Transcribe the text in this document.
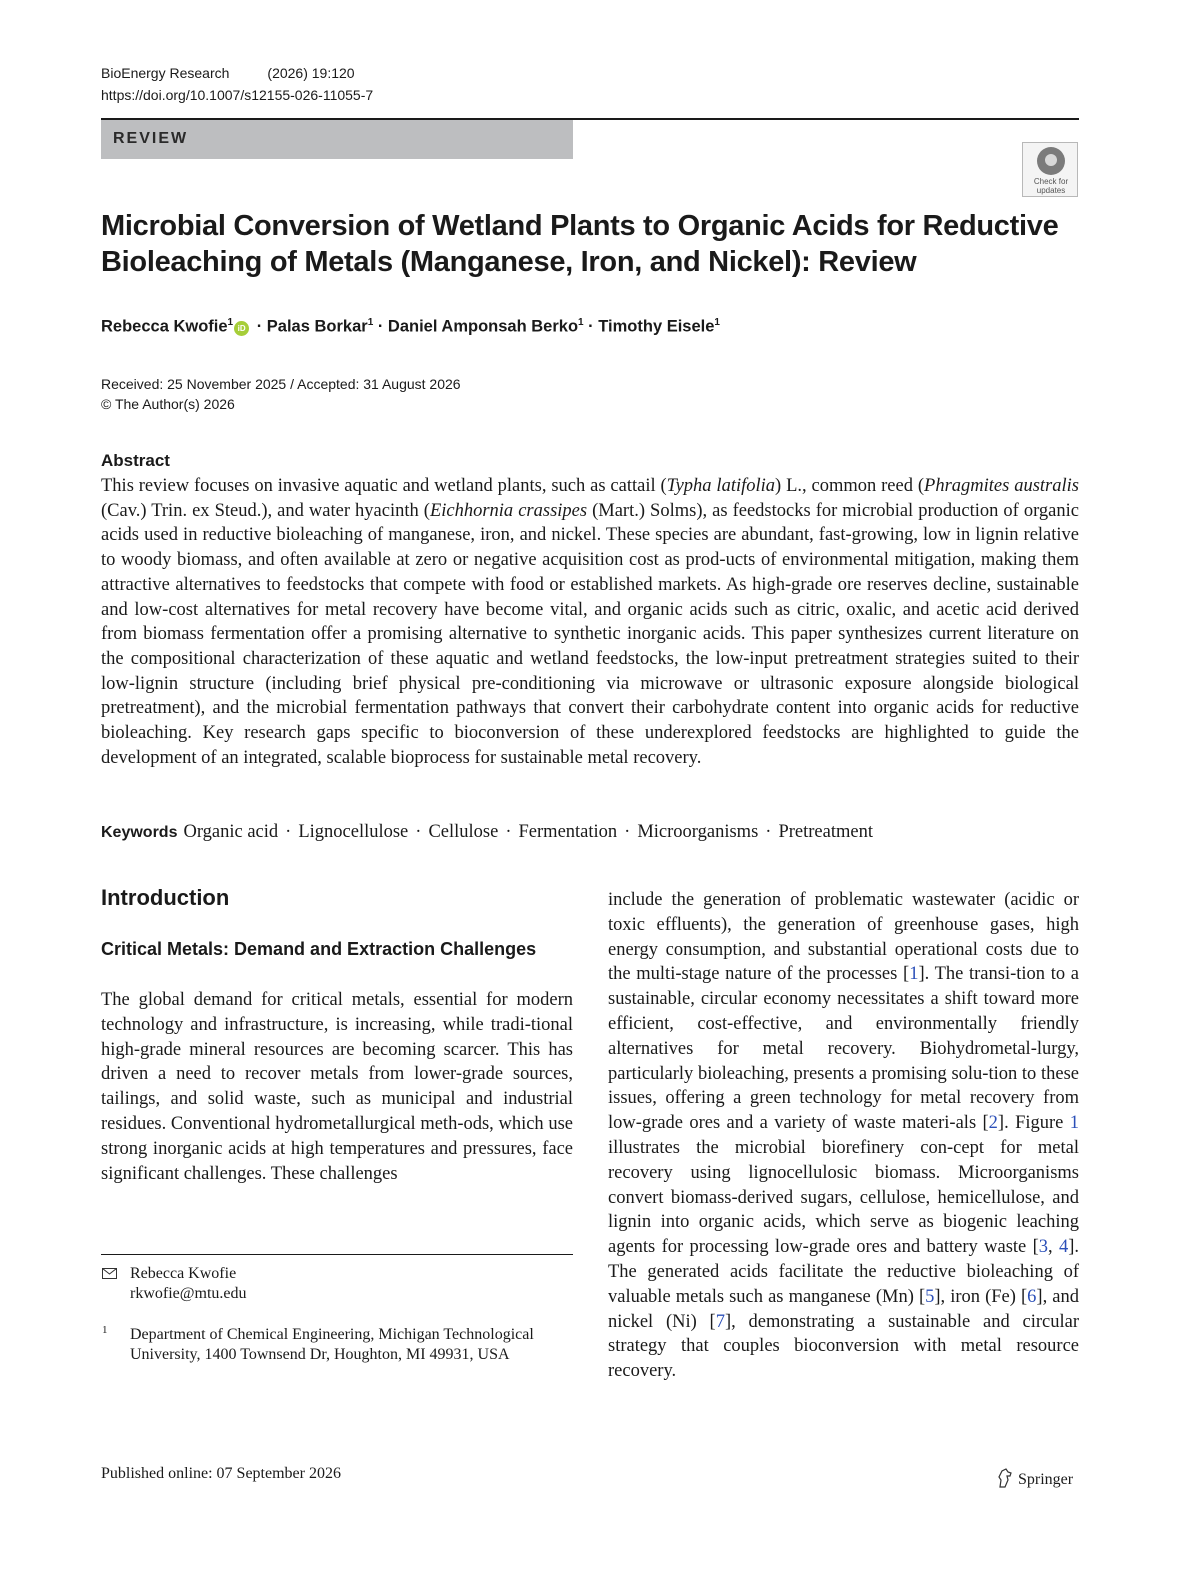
BioEnergy Research	(2026) 19:120
https://doi.org/10.1007/s12155-026-11055-7
REVIEW
Check for updates
Microbial Conversion of Wetland Plants to Organic Acids for Reductive
Bioleaching of Metals (Manganese, Iron, and Nickel): Review
Rebecca Kwofie$^1$ iD · Palas Borkar$^1$ · Daniel Amponsah Berko$^1$ · Timothy Eisele$^1$
Received: 25 November 2025 / Accepted: 31 August 2026
© The Author(s) 2026
Abstract
This review focuses on invasive aquatic and wetland plants, such as cattail (Typha latifolia) L., common reed (Phragmites australis (Cav.) Trin. ex Steud.), and water hyacinth (Eichhornia crassipes (Mart.) Solms), as feedstocks for microbial production of organic acids used in reductive bioleaching of manganese, iron, and nickel. These species are abundant, fast-growing, low in lignin relative to woody biomass, and often available at zero or negative acquisition cost as prod-ucts of environmental mitigation, making them attractive alternatives to feedstocks that compete with food or established markets. As high-grade ore reserves decline, sustainable and low-cost alternatives for metal recovery have become vital, and organic acids such as citric, oxalic, and acetic acid derived from biomass fermentation offer a promising alternative to synthetic inorganic acids. This paper synthesizes current literature on the compositional characterization of these aquatic and wetland feedstocks, the low-input pretreatment strategies suited to their low-lignin structure (including brief physical pre-conditioning via microwave or ultrasonic exposure alongside biological pretreatment), and the microbial fermentation pathways that convert their carbohydrate content into organic acids for reductive bioleaching. Key research gaps specific to bioconversion of these underexplored feedstocks are highlighted to guide the development of an integrated, scalable bioprocess for sustainable metal recovery.
Keywords Organic acid · Lignocellulose · Cellulose · Fermentation · Microorganisms · Pretreatment
Introduction
Critical Metals: Demand and Extraction Challenges
The global demand for critical metals, essential for modern technology and infrastructure, is increasing, while tradi-tional high-grade mineral resources are becoming scarcer. This has driven a need to recover metals from lower-grade sources, tailings, and solid waste, such as municipal and industrial residues. Conventional hydrometallurgical meth-ods, which use strong inorganic acids at high temperatures and pressures, face significant challenges. These challenges
include the generation of problematic wastewater (acidic or toxic effluents), the generation of greenhouse gases, high energy consumption, and substantial operational costs due to the multi-stage nature of the processes [1]. The transi-tion to a sustainable, circular economy necessitates a shift toward more efficient, cost-effective, and environmentally friendly alternatives for metal recovery. Biohydrometal-lurgy, particularly bioleaching, presents a promising solu-tion to these issues, offering a green technology for metal recovery from low-grade ores and a variety of waste materi-als [2]. Figure 1 illustrates the microbial biorefinery con-cept for metal recovery using lignocellulosic biomass. Microorganisms convert biomass-derived sugars, cellulose, hemicellulose, and lignin into organic acids, which serve as biogenic leaching agents for processing low-grade ores and battery waste [3, 4]. The generated acids facilitate the reductive bioleaching of valuable metals such as manganese (Mn) [5], iron (Fe) [6], and nickel (Ni) [7], demonstrating a sustainable and circular strategy that couples bioconversion with metal resource recovery.
Rebecca Kwofie
rkwofie@mtu.edu
1 Department of Chemical Engineering, Michigan Technological University, 1400 Townsend Dr, Houghton, MI 49931, USA
Published online: 07 September 2026	Springer
